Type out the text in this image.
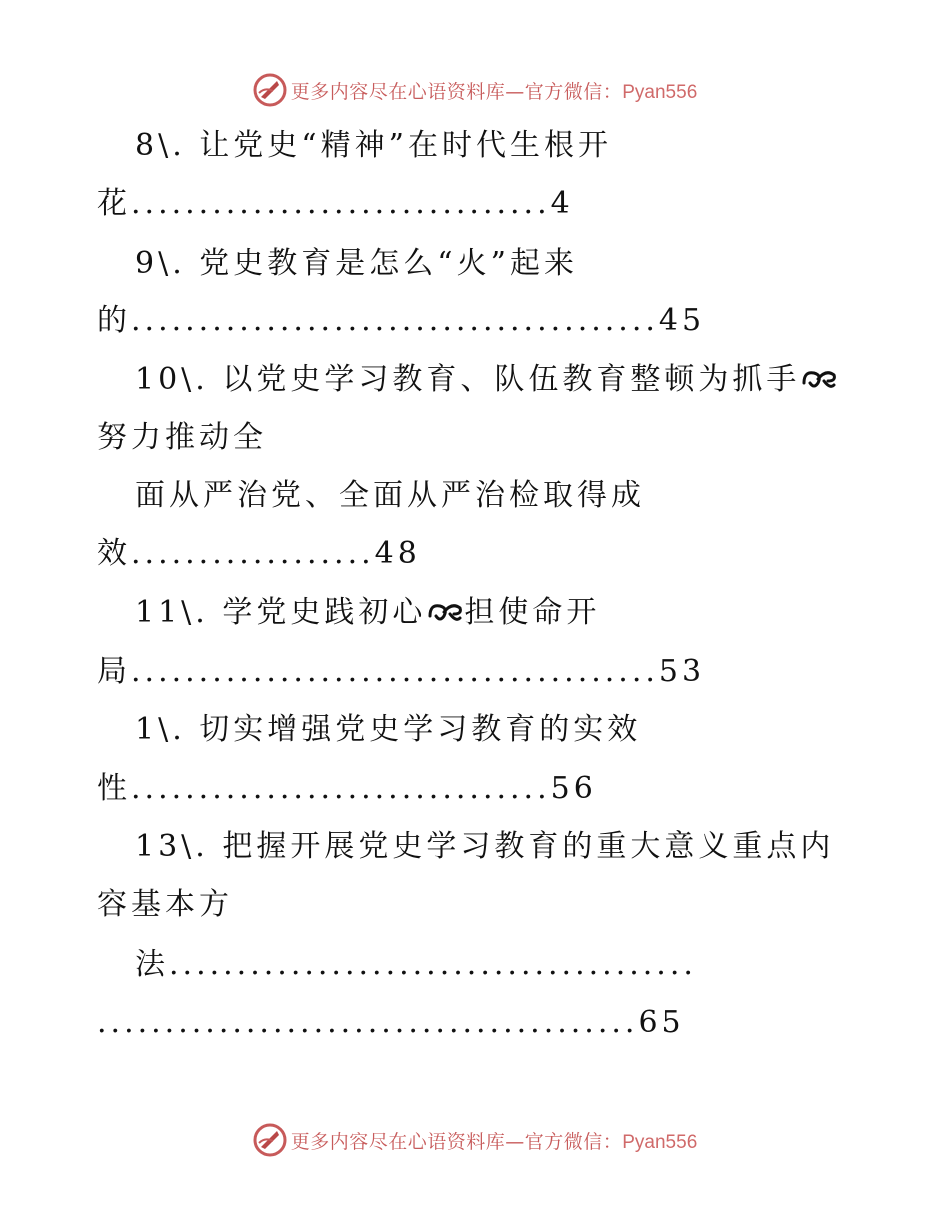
更多内容尽在心语资料库—官方微信：Pyan556
8\. 让党史“精神”在时代生根开
花...............................4
9\. 党史教育是怎么“火”起来
的.......................................45
10\. 以党史学习教育、队伍教育整顿为抓手
努力推动全
面从严治党、全面从严治检取得成
效..................48
11\. 学党史践初心 担使命开
局.......................................53
1\. 切实增强党史学习教育的实效
性...............................56
13\. 把握开展党史学习教育的重大意义重点内
容基本方
法.......................................
........................................65
更多内容尽在心语资料库—官方微信：Pyan556
